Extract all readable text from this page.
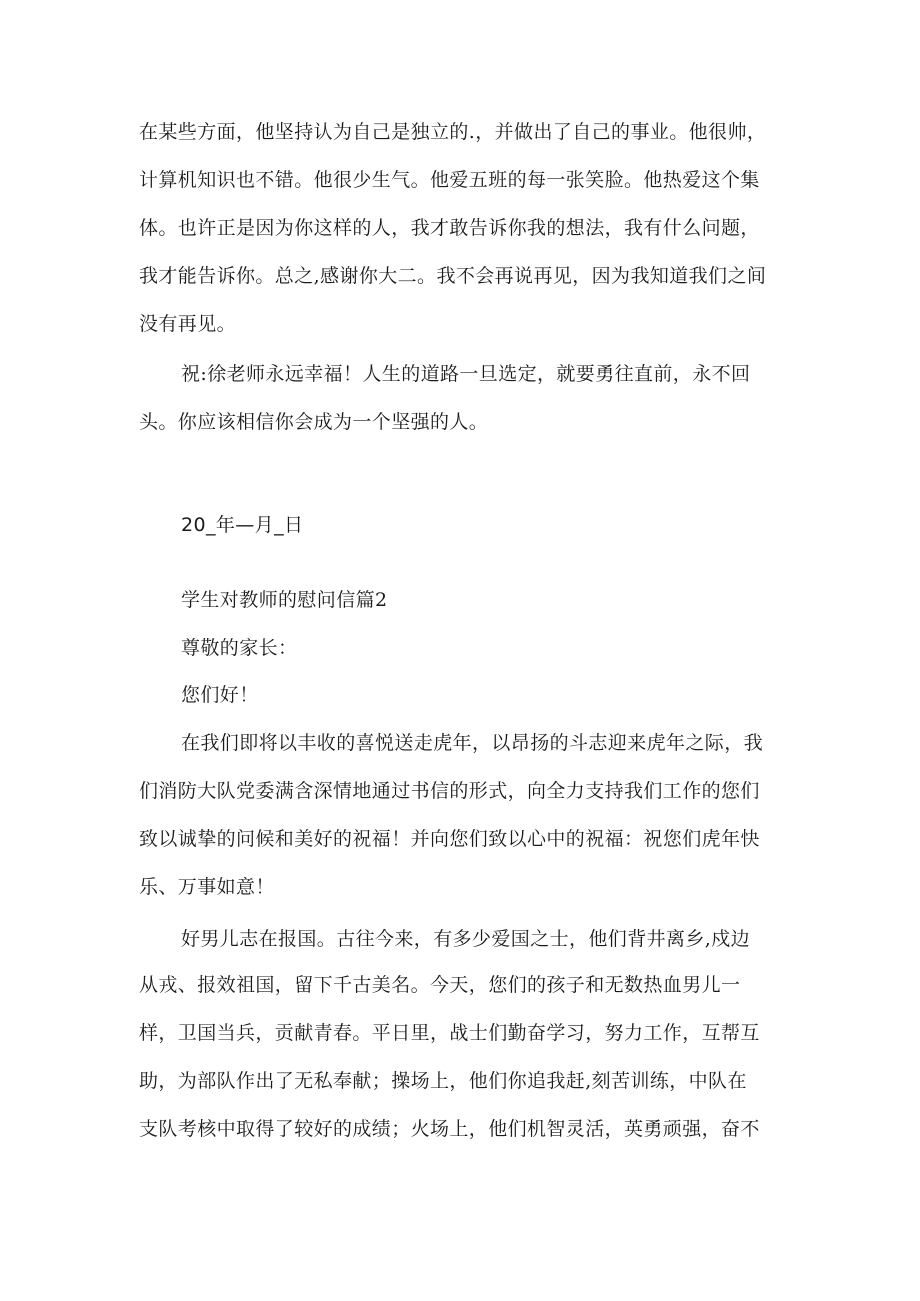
在某些方面，他坚持认为自己是独立的.，并做出了自己的事业。他很帅，
计算机知识也不错。他很少生气。他爱五班的每一张笑脸。他热爱这个集
体。也许正是因为你这样的人，我才敢告诉你我的想法，我有什么问题，
我才能告诉你。总之,感谢你大二。我不会再说再见，因为我知道我们之间
没有再见。
祝:徐老师永远幸福！人生的道路一旦选定，就要勇往直前，永不回
头。你应该相信你会成为一个坚强的人。
20_年—月_日
学生对教师的慰问信篇2
尊敬的家长：
您们好！
在我们即将以丰收的喜悦送走虎年，以昂扬的斗志迎来虎年之际，我
们消防大队党委满含深情地通过书信的形式，向全力支持我们工作的您们
致以诚挚的问候和美好的祝福！并向您们致以心中的祝福：祝您们虎年快
乐、万事如意！
好男儿志在报国。古往今来，有多少爱国之士，他们背井离乡,戍边
从戎、报效祖国，留下千古美名。今天，您们的孩子和无数热血男儿一
样，卫国当兵，贡献青春。平日里，战士们勤奋学习，努力工作，互帮互
助，为部队作出了无私奉献；操场上，他们你追我赶,刻苦训练，中队在
支队考核中取得了较好的成绩；火场上，他们机智灵活，英勇顽强，奋不
